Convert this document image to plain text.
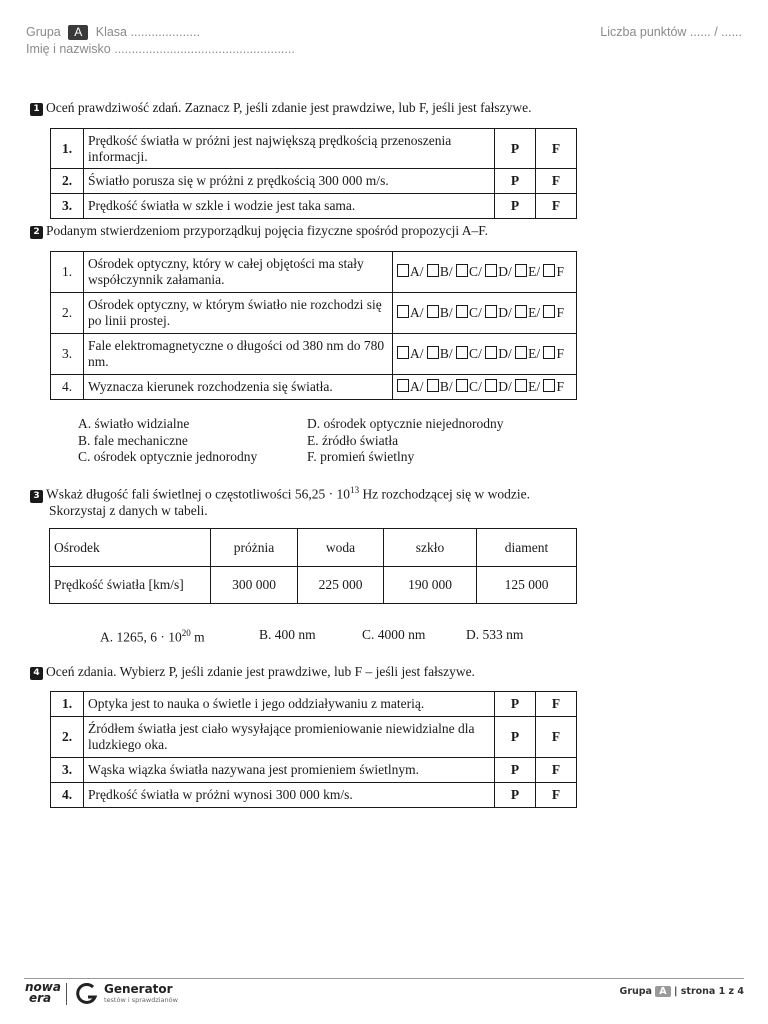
Grupa A Klasa ....................
Imię i nazwisko ....................................................
Liczba punktów ...... / ......
1 Oceń prawdziwość zdań. Zaznacz P, jeśli zdanie jest prawdziwe, lub F, jeśli jest fałszywe.
1.	Prędkość światła w próżni jest największą prędkością przenoszenia informacji.	P	F
2.	Światło porusza się w próżni z prędkością 300 000 m/s.	P	F
3.	Prędkość światła w szkle i wodzie jest taka sama.	P	F
2 Podanym stwierdzeniom przyporządkuj pojęcia fizyczne spośród propozycji A–F.
1.	Ośrodek optyczny, który w całej objętości ma stały współczynnik załamania.	A/ B/ C/ D/ E/ F
2.	Ośrodek optyczny, w którym światło nie rozchodzi się po linii prostej.	A/ B/ C/ D/ E/ F
3.	Fale elektromagnetyczne o długości od 380 nm do 780 nm.	A/ B/ C/ D/ E/ F
4.	Wyznacza kierunek rozchodzenia się światła.	A/ B/ C/ D/ E/ F
A. światło widzialne
B. fale mechaniczne
C. ośrodek optycznie jednorodny
D. ośrodek optycznie niejednorodny
E. źródło światła
F. promień świetlny
3 Wskaż długość fali świetlnej o częstotliwości $56,25 \cdot 10^{13}$ Hz rozchodzącej się w wodzie.
Skorzystaj z danych w tabeli.
Ośrodek	próżnia	woda	szkło	diament
Prędkość światła [km/s]	300 000	225 000	190 000	125 000
A. 1265, $6 \cdot 10^{20}$ m	B. 400 nm	C. 4000 nm	D. 533 nm
4 Oceń zdania. Wybierz P, jeśli zdanie jest prawdziwe, lub F – jeśli jest fałszywe.
1.	Optyka jest to nauka o świetle i jego oddziaływaniu z materią.	P	F
2.	Źródłem światła jest ciało wysyłające promieniowanie niewidzialne dla ludzkiego oka.	P	F
3.	Wąska wiązka światła nazywana jest promieniem świetlnym.	P	F
4.	Prędkość światła w próżni wynosi 300 000 km/s.	P	F
nowa
era
Generator
testów i sprawdzianów
Grupa A | strona 1 z 4
